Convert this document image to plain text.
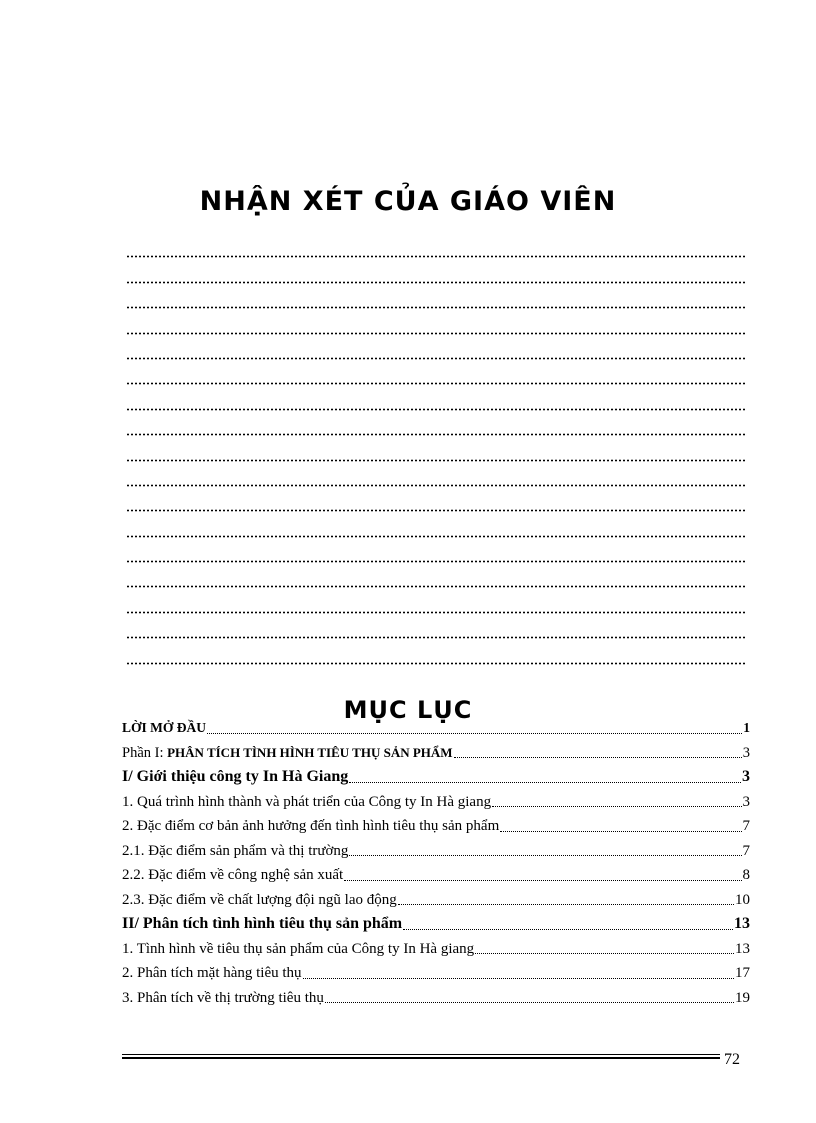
NHẬN XÉT CỦA GIÁO VIÊN
MỤC LỤC
LỜI MỞ ĐẦU	1
Phần I: PHÂN TÍCH TÌNH HÌNH TIÊU THỤ SẢN PHẨM	3
I/ Giới thiệu công ty In Hà Giang	3
1. Quá trình hình thành và phát triển của Công ty In Hà giang	3
2. Đặc điểm cơ bản ảnh hưởng đến tình hình tiêu thụ sản phẩm	7
2.1. Đặc điểm sản phẩm và thị trường	7
2.2. Đặc điểm về công nghệ sản xuất	8
2.3. Đặc điểm về chất lượng đội ngũ lao động	10
II/ Phân tích tình hình tiêu thụ sản phẩm	13
1. Tình hình về tiêu thụ sản phẩm của Công ty In Hà giang	13
2. Phân tích mặt hàng tiêu thụ	17
3. Phân tích về thị trường tiêu thụ	19
72
